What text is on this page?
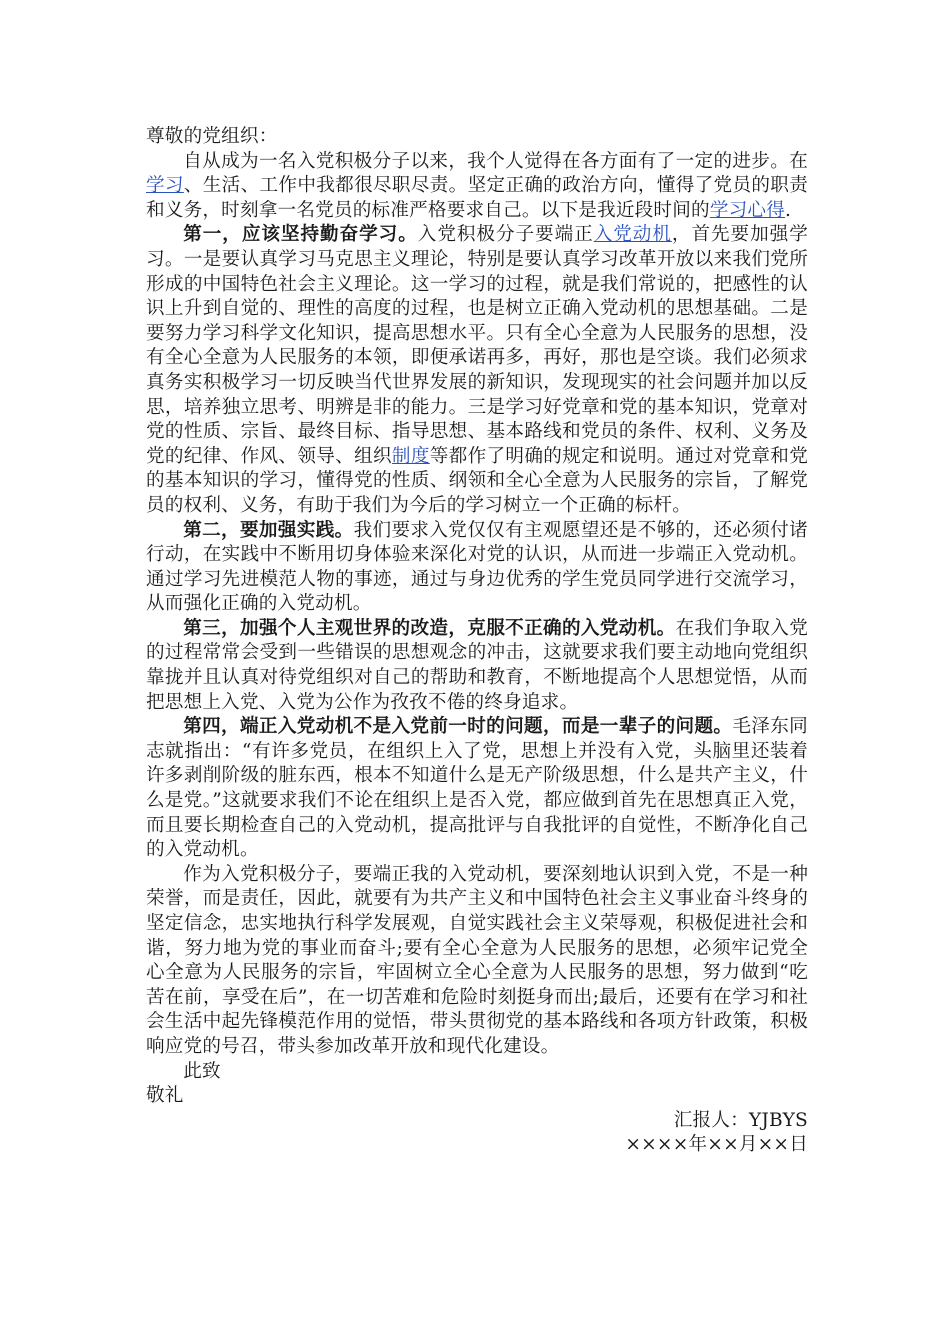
尊敬的党组织：

自从成为一名入党积极分子以来，我个人觉得在各方面有了一定的进步。在学习、生活、工作中我都很尽职尽责。坚定正确的政治方向，懂得了党员的职责和义务，时刻拿一名党员的标准严格要求自己。以下是我近段时间的学习心得.

第一，应该坚持勤奋学习。入党积极分子要端正入党动机，首先要加强学习。一是要认真学习马克思主义理论，特别是要认真学习改革开放以来我们党所形成的中国特色社会主义理论。这一学习的过程，就是我们常说的，把感性的认识上升到自觉的、理性的高度的过程，也是树立正确入党动机的思想基础。二是要努力学习科学文化知识，提高思想水平。只有全心全意为人民服务的思想，没有全心全意为人民服务的本领，即便承诺再多，再好，那也是空谈。我们必须求真务实积极学习一切反映当代世界发展的新知识，发现现实的社会问题并加以反思，培养独立思考、明辨是非的能力。三是学习好党章和党的基本知识，党章对党的性质、宗旨、最终目标、指导思想、基本路线和党员的条件、权利、义务及党的纪律、作风、领导、组织制度等都作了明确的规定和说明。通过对党章和党的基本知识的学习，懂得党的性质、纲领和全心全意为人民服务的宗旨，了解党员的权利、义务，有助于我们为今后的学习树立一个正确的标杆。

第二，要加强实践。我们要求入党仅仅有主观愿望还是不够的，还必须付诸行动，在实践中不断用切身体验来深化对党的认识，从而进一步端正入党动机。通过学习先进模范人物的事迹，通过与身边优秀的学生党员同学进行交流学习，从而强化正确的入党动机。

第三，加强个人主观世界的改造，克服不正确的入党动机。在我们争取入党的过程常常会受到一些错误的思想观念的冲击，这就要求我们要主动地向党组织靠拢并且认真对待党组织对自己的帮助和教育，不断地提高个人思想觉悟，从而把思想上入党、入党为公作为孜孜不倦的终身追求。

第四，端正入党动机不是入党前一时的问题，而是一辈子的问题。毛泽东同志就指出：“有许多党员，在组织上入了党，思想上并没有入党，头脑里还装着许多剥削阶级的脏东西，根本不知道什么是无产阶级思想，什么是共产主义，什么是党。”这就要求我们不论在组织上是否入党，都应做到首先在思想真正入党，而且要长期检查自己的入党动机，提高批评与自我批评的自觉性，不断净化自己的入党动机。

作为入党积极分子，要端正我的入党动机，要深刻地认识到入党，不是一种荣誉，而是责任，因此，就要有为共产主义和中国特色社会主义事业奋斗终身的坚定信念，忠实地执行科学发展观，自觉实践社会主义荣辱观，积极促进社会和谐，努力地为党的事业而奋斗;要有全心全意为人民服务的思想，必须牢记党全心全意为人民服务的宗旨，牢固树立全心全意为人民服务的思想，努力做到“吃苦在前，享受在后”，在一切苦难和危险时刻挺身而出;最后，还要有在学习和社会生活中起先锋模范作用的觉悟，带头贯彻党的基本路线和各项方针政策，积极响应党的号召，带头参加改革开放和现代化建设。

此致

敬礼

汇报人：YJBYS

××××年××月××日
